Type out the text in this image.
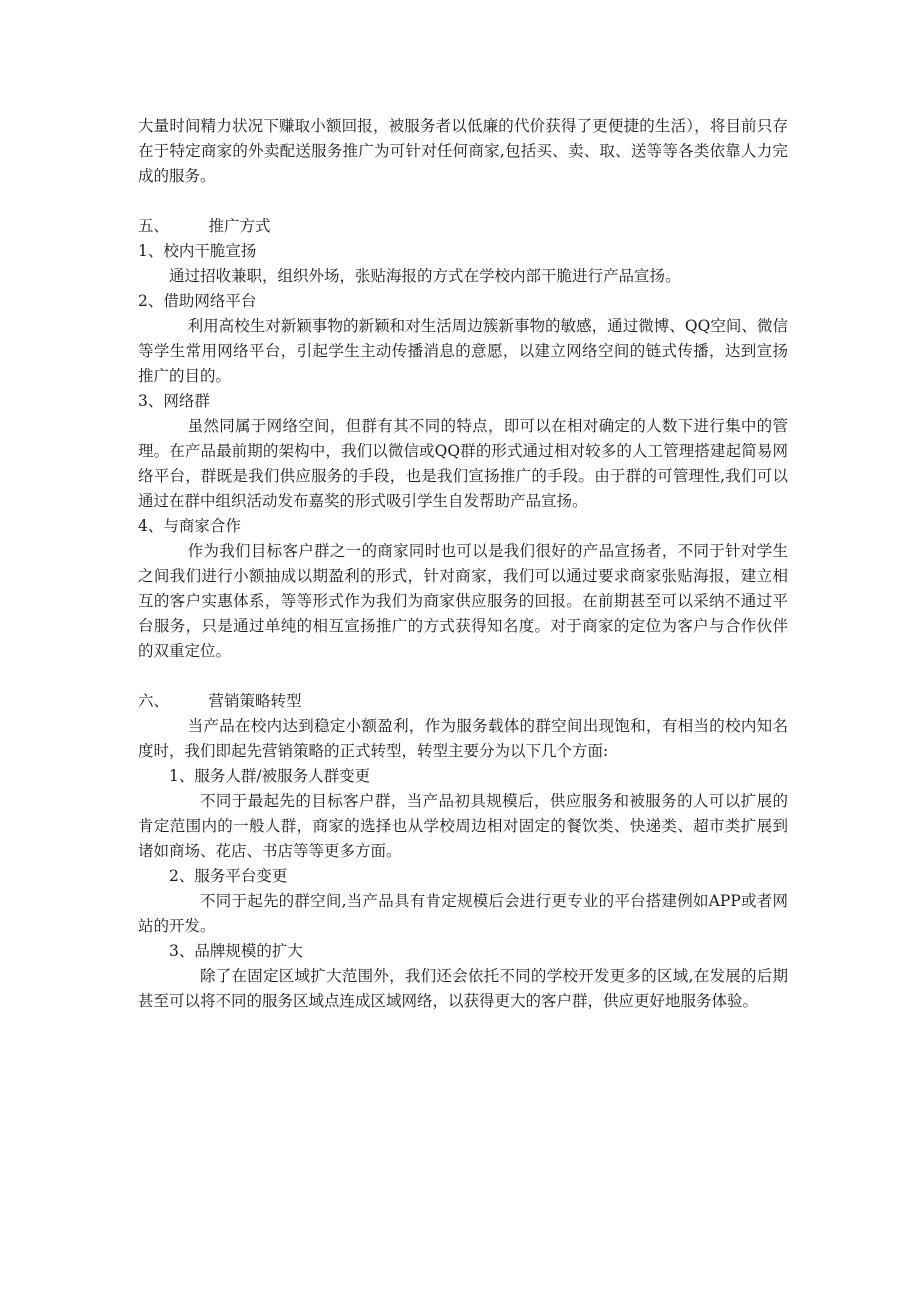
大量时间精力状况下赚取小额回报，被服务者以低廉的代价获得了更便捷的生活），将目前只存在于特定商家的外卖配送服务推广为可针对任何商家,包括买、卖、取、送等等各类依靠人力完成的服务。

五、	推广方式

1、校内干脆宣扬

通过招收兼职，组织外场，张贴海报的方式在学校内部干脆进行产品宣扬。

2、借助网络平台

利用高校生对新颖事物的新颖和对生活周边簇新事物的敏感，通过微博、QQ空间、微信等学生常用网络平台，引起学生主动传播消息的意愿，以建立网络空间的链式传播，达到宣扬推广的目的。

3、网络群

虽然同属于网络空间，但群有其不同的特点，即可以在相对确定的人数下进行集中的管理。在产品最前期的架构中，我们以微信或QQ群的形式通过相对较多的人工管理搭建起简易网络平台，群既是我们供应服务的手段，也是我们宣扬推广的手段。由于群的可管理性,我们可以通过在群中组织活动发布嘉奖的形式吸引学生自发帮助产品宣扬。

4、与商家合作

作为我们目标客户群之一的商家同时也可以是我们很好的产品宣扬者，不同于针对学生之间我们进行小额抽成以期盈利的形式，针对商家，我们可以通过要求商家张贴海报，建立相互的客户实惠体系，等等形式作为我们为商家供应服务的回报。在前期甚至可以采纳不通过平台服务，只是通过单纯的相互宣扬推广的方式获得知名度。对于商家的定位为客户与合作伙伴的双重定位。

六、	营销策略转型

当产品在校内达到稳定小额盈利，作为服务载体的群空间出现饱和，有相当的校内知名度时，我们即起先营销策略的正式转型，转型主要分为以下几个方面:

1、服务人群/被服务人群变更

不同于最起先的目标客户群，当产品初具规模后，供应服务和被服务的人可以扩展的肯定范围内的一般人群，商家的选择也从学校周边相对固定的餐饮类、快递类、超市类扩展到诸如商场、花店、书店等等更多方面。

2、服务平台变更

不同于起先的群空间,当产品具有肯定规模后会进行更专业的平台搭建例如APP或者网站的开发。

3、品牌规模的扩大

除了在固定区域扩大范围外，我们还会依托不同的学校开发更多的区域,在发展的后期甚至可以将不同的服务区域点连成区域网络，以获得更大的客户群，供应更好地服务体验。
